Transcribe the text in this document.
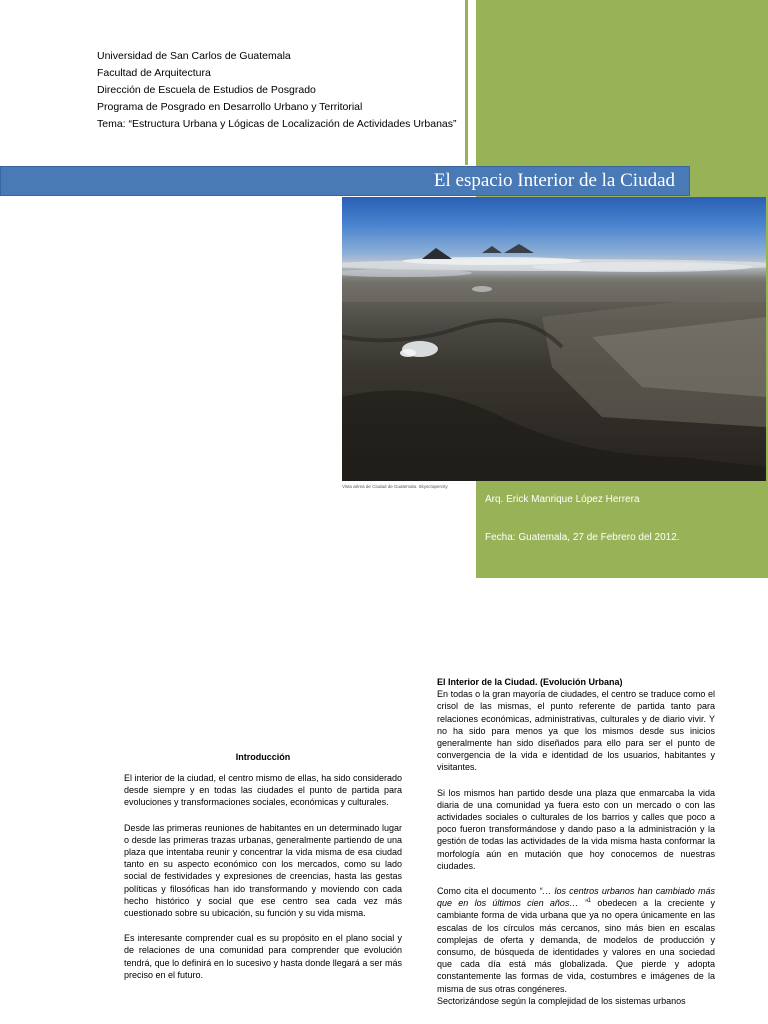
Universidad de San Carlos de Guatemala
Facultad de Arquitectura
Dirección de Escuela de Estudios de Posgrado
Programa de Posgrado en Desarrollo Urbano y Territorial
Tema: “Estructura Urbana y Lógicas de Localización de Actividades Urbanas”
El espacio Interior de la Ciudad
Vista aérea de Ciudad de Guatemala. Skyscrapercity
Arq. Erick Manrique López Herrera
Fecha: Guatemala, 27 de Febrero del 2012.
Introducción

El interior de la ciudad, el centro mismo de ellas, ha sido considerado desde siempre y en todas las ciudades el punto de partida para evoluciones y transformaciones sociales, económicas y culturales.

Desde las primeras reuniones de habitantes en un determinado lugar o desde las primeras trazas urbanas, generalmente partiendo de una plaza que intentaba reunir y concentrar la vida misma de esa ciudad tanto en su aspecto económico con los mercados, como su lado social de festividades y expresiones de creencias, hasta las gestas políticas y filosóficas han ido transformando y moviendo con cada hecho histórico y social que ese centro sea cada vez más cuestionado sobre su ubicación, su función y su vida misma.

Es interesante comprender cual es su propósito en el plano social y de relaciones de una comunidad para comprender que evolución tendrá, que lo definirá en lo sucesivo y hasta donde llegará a ser más preciso en el futuro.

El Interior de la Ciudad. (Evolución Urbana)

En todas o la gran mayoría de ciudades, el centro se traduce como el crisol de las mismas, el punto referente de partida tanto para relaciones económicas, administrativas, culturales y de diario vivir. Y no ha sido para menos ya que los mismos desde sus inicios generalmente han sido diseñados para ello para ser el punto de convergencia de la vida e identidad de los usuarios, habitantes y visitantes.

Si los mismos han partido desde una plaza que enmarcaba la vida diaria de una comunidad ya fuera esto con un mercado o con las actividades sociales o culturales de los barrios y calles que poco a poco fueron transformándose y dando paso a la administración y la gestión de todas las actividades de la vida misma hasta conformar la morfología aún en mutación que hoy conocemos de nuestras ciudades.

Como cita el documento “… los centros urbanos han cambiado más que en los últimos cien años… ”$^1$ obedecen a la creciente y cambiante forma de vida urbana que ya no opera únicamente en las escalas de los círculos más cercanos, sino más bien en escalas complejas de oferta y demanda, de modelos de producción y consumo, de búsqueda de identidades y valores en una sociedad que cada día está más globalizada. Que pierde y adopta constantemente las formas de vida, costumbres e imágenes de la misma de sus otras congéneres.

Sectorizándose según la complejidad de los sistemas urbanos
